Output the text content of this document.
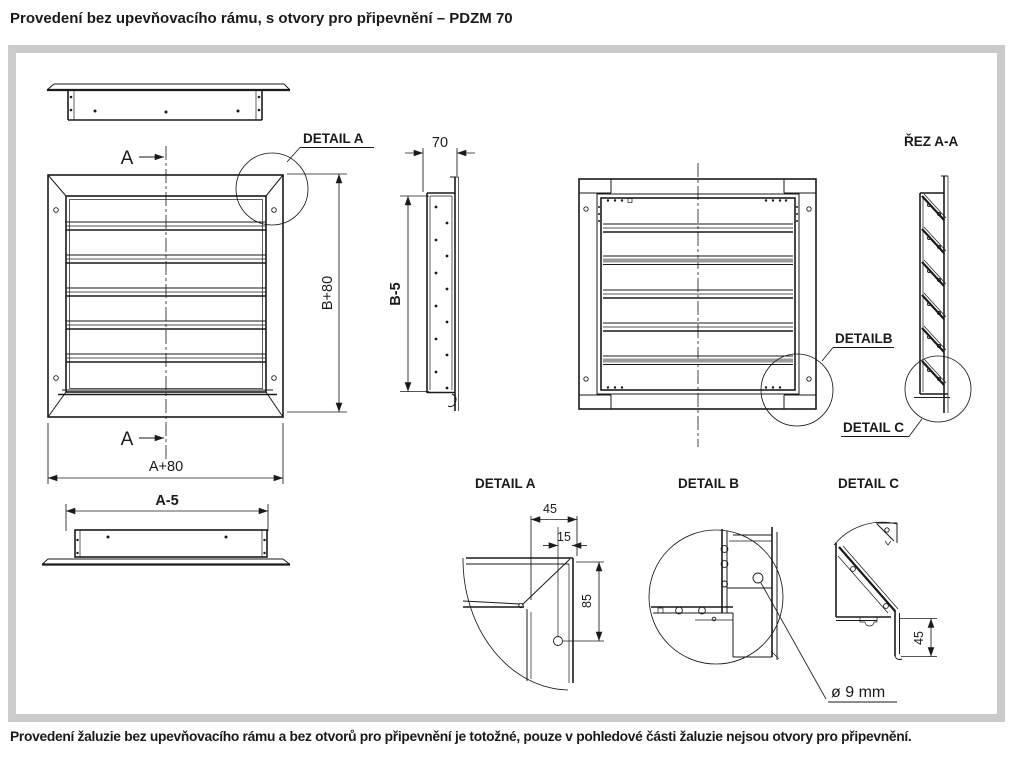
Provedení bez upevňovacího rámu, s otvory pro připevnění – PDZM 70
A
A
DETAIL A
B+80
A+80
A-5
70
B-5
DETAILB
ŘEZ A-A
DETAIL C
DETAIL A
45
15
85
DETAIL B
ø 9 mm
DETAIL C
45
Provedení žaluzie bez upevňovacího rámu a bez otvorů pro připevnění je totožné, pouze v pohledové části žaluzie nejsou otvory pro připevnění.
